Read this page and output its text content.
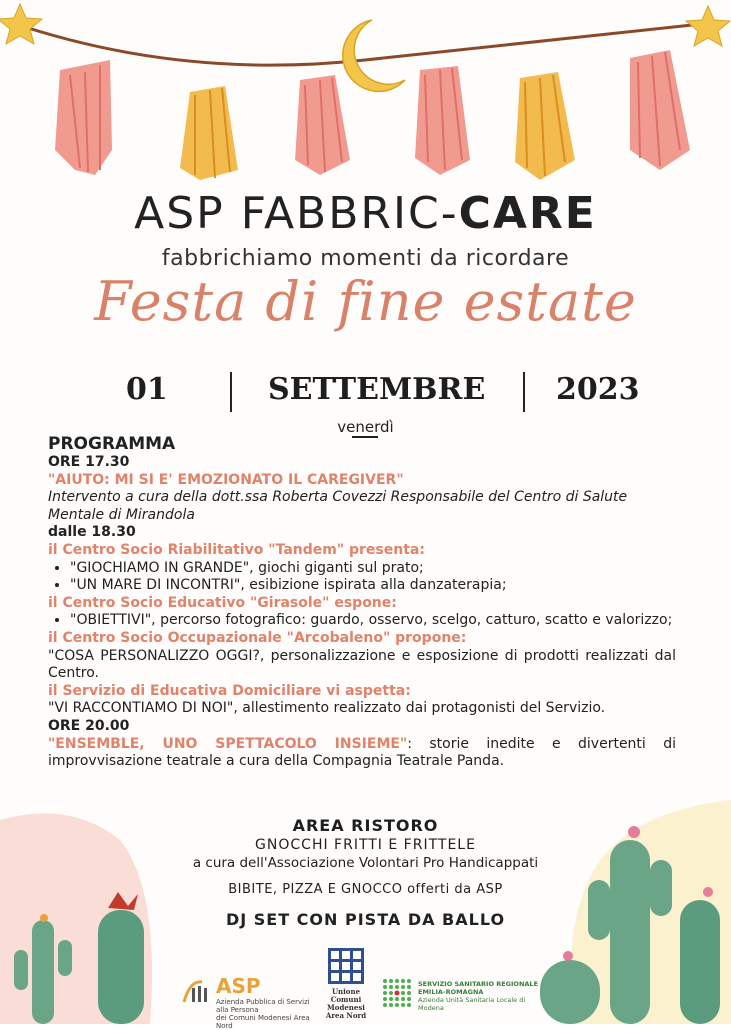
ASP FABBRIC-CARE
fabbrichiamo momenti da ricordare
Festa di fine estate
01	SETTEMBRE 2023
venerdì
PROGRAMMA
ORE 17.30
"AIUTO: MI SI E' EMOZIONATO IL CAREGIVER"
Intervento a cura della dott.ssa Roberta Covezzi Responsabile del Centro di Salute Mentale di Mirandola
dalle 18.30
il Centro Socio Riabilitativo "Tandem" presenta:
• "GIOCHIAMO IN GRANDE", giochi giganti sul prato;
• "UN MARE DI INCONTRI", esibizione ispirata alla danzaterapia;
il Centro Socio Educativo "Girasole" espone:
• "OBIETTIVI", percorso fotografico: guardo, osservo, scelgo, catturo, scatto e valorizzo;
il Centro Socio Occupazionale "Arcobaleno" propone:

"COSA PERSONALIZZO OGGI?, personalizzazione e esposizione di prodotti realizzati dal Centro.

il Servizio di Educativa Domiciliare vi aspetta:

"VI RACCONTIAMO DI NOI", allestimento realizzato dai protagonisti del Servizio.

ORE 20.00

"ENSEMBLE, UNO SPETTACOLO INSIEME": storie inedite e divertenti di improvvisazione teatrale a cura della Compagnia Teatrale Panda.

AREA RISTORO
GNOCCHI FRITTI E FRITTELE
a cura dell'Associazione Volontari Pro Handicappati
BIBITE, PIZZA E GNOCCO offerti da ASP
DJ SET CON PISTA DA BALLO
ASP
Azienda Pubblica di Servizi alla Persona
dei Comuni Modenesi Area Nord
Unione Comuni
Modenesi
Area Nord
SERVIZIO SANITARIO REGIONALE
EMILIA-ROMAGNA
Azienda Unità Sanitaria Locale di Modena
